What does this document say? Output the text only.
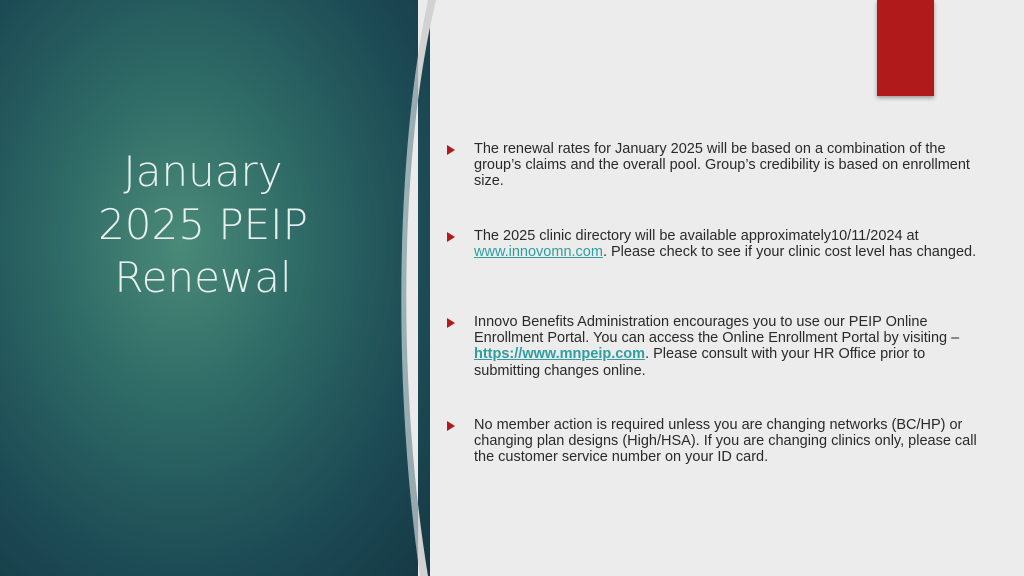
January
2025 PEIP
Renewal
The renewal rates for January 2025 will be based on a combination of the group’s claims and the overall pool. Group’s credibility is based on enrollment size.
The 2025 clinic directory will be available approximately10/11/2024 at www.innovomn.com. Please check to see if your clinic cost level has changed.
Innovo Benefits Administration encourages you to use our PEIP Online Enrollment Portal. You can access the Online Enrollment Portal by visiting – https://www.mnpeip.com. Please consult with your HR Office prior to submitting changes online.
No member action is required unless you are changing networks (BC/HP) or changing plan designs (High/HSA). If you are changing clinics only, please call the customer service number on your ID card.
